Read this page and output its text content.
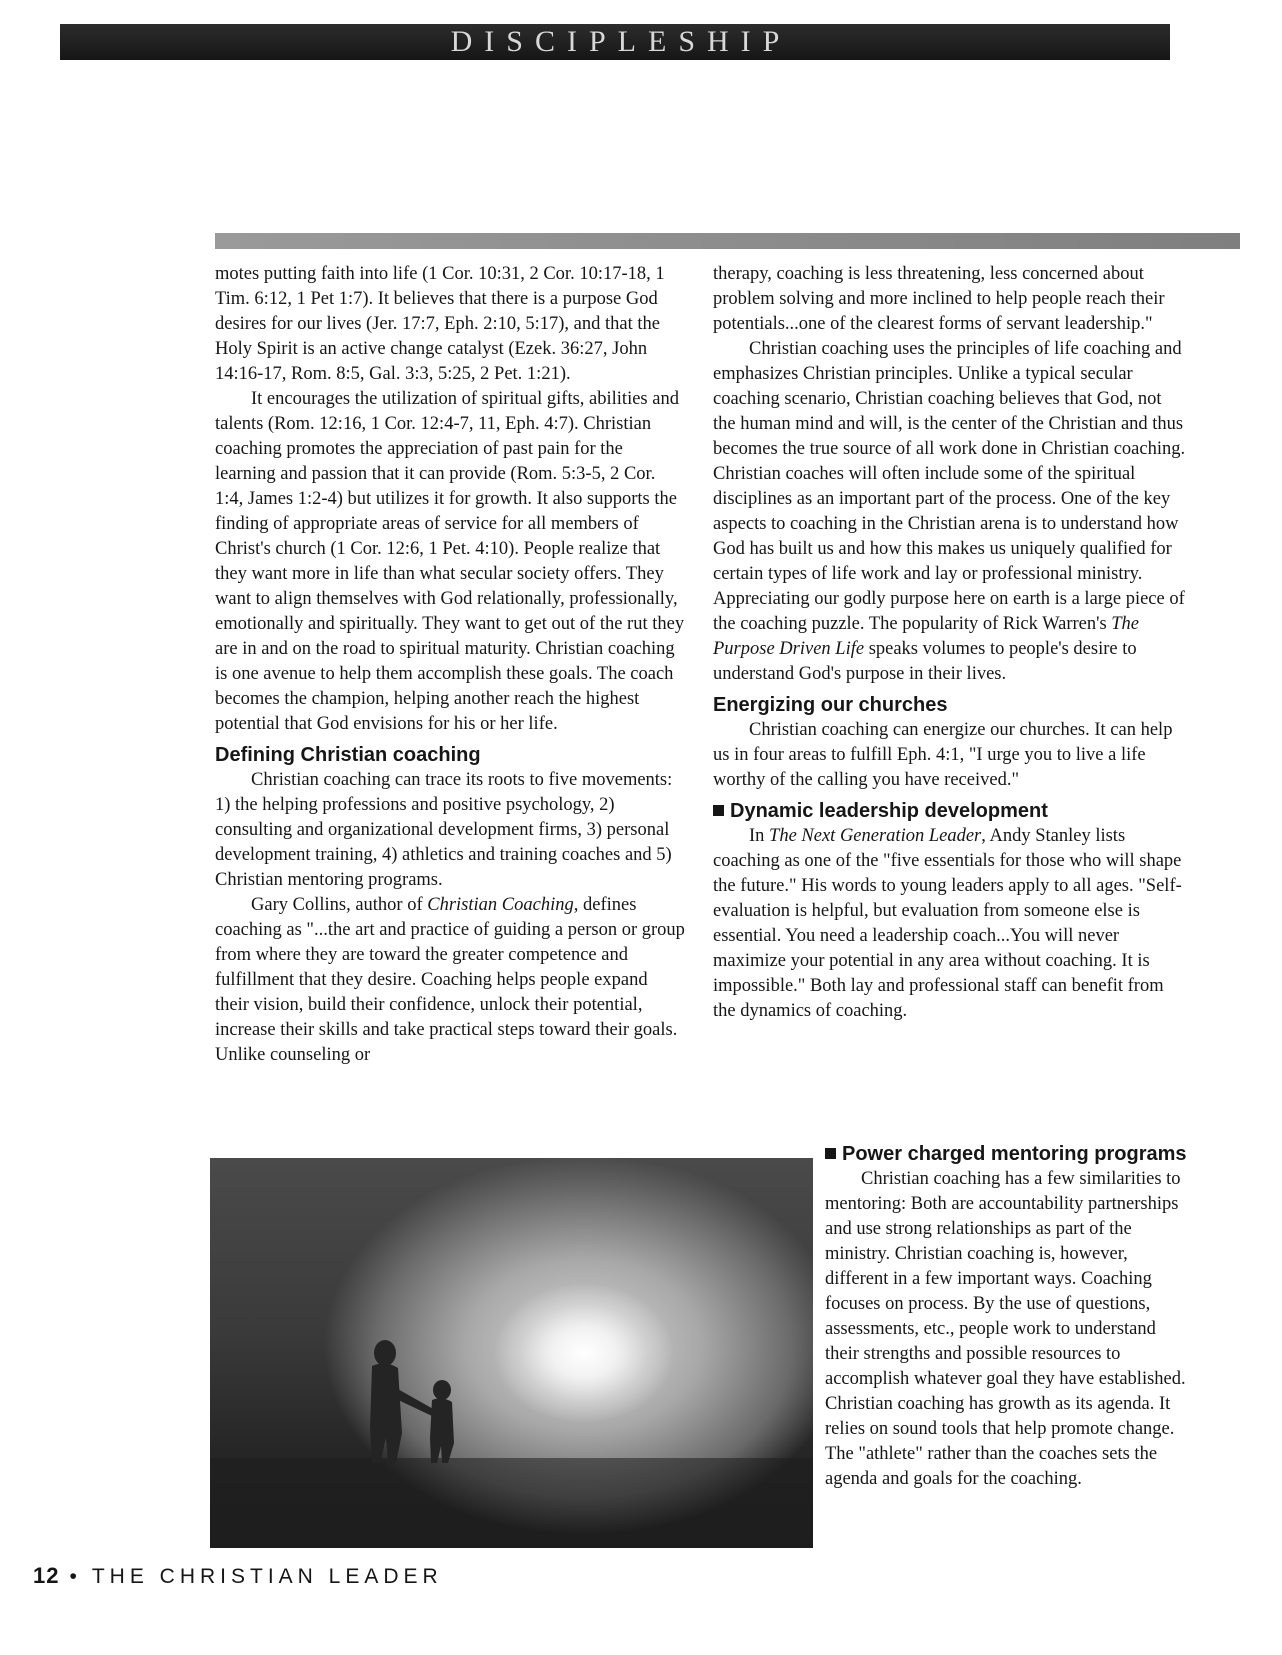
DISCIPLESHIP

motes putting faith into life (1 Cor. 10:31, 2 Cor. 10:17-18, 1 Tim. 6:12, 1 Pet 1:7). It believes that there is a purpose God desires for our lives (Jer. 17:7, Eph. 2:10, 5:17), and that the Holy Spirit is an active change catalyst (Ezek. 36:27, John 14:16-17, Rom. 8:5, Gal. 3:3, 5:25, 2 Pet. 1:21).

It encourages the utilization of spiritual gifts, abilities and talents (Rom. 12:16, 1 Cor. 12:4-7, 11, Eph. 4:7). Christian coaching promotes the appreciation of past pain for the learning and passion that it can provide (Rom. 5:3-5, 2 Cor. 1:4, James 1:2-4) but utilizes it for growth. It also supports the finding of appropriate areas of service for all members of Christ's church (1 Cor. 12:6, 1 Pet. 4:10). People realize that they want more in life than what secular society offers. They want to align themselves with God relationally, professionally, emotionally and spiritually. They want to get out of the rut they are in and on the road to spiritual maturity. Christian coaching is one avenue to help them accomplish these goals. The coach becomes the champion, helping another reach the highest potential that God envisions for his or her life.

Defining Christian coaching

Christian coaching can trace its roots to five movements: 1) the helping professions and positive psychology, 2) consulting and organizational development firms, 3) personal development training, 4) athletics and training coaches and 5) Christian mentoring programs.

Gary Collins, author of Christian Coaching, defines coaching as "...the art and practice of guiding a person or group from where they are toward the greater competence and fulfillment that they desire. Coaching helps people expand their vision, build their confidence, unlock their potential, increase their skills and take practical steps toward their goals. Unlike counseling or

therapy, coaching is less threatening, less concerned about problem solving and more inclined to help people reach their potentials...one of the clearest forms of servant leadership."

Christian coaching uses the principles of life coaching and emphasizes Christian principles. Unlike a typical secular coaching scenario, Christian coaching believes that God, not the human mind and will, is the center of the Christian and thus becomes the true source of all work done in Christian coaching. Christian coaches will often include some of the spiritual disciplines as an important part of the process. One of the key aspects to coaching in the Christian arena is to understand how God has built us and how this makes us uniquely qualified for certain types of life work and lay or professional ministry. Appreciating our godly purpose here on earth is a large piece of the coaching puzzle. The popularity of Rick Warren's The Purpose Driven Life speaks volumes to people's desire to understand God's purpose in their lives.

Energizing our churches

Christian coaching can energize our churches. It can help us in four areas to fulfill Eph. 4:1, "I urge you to live a life worthy of the calling you have received."

Dynamic leadership development

In The Next Generation Leader, Andy Stanley lists coaching as one of the "five essentials for those who will shape the future." His words to young leaders apply to all ages. "Self-evaluation is helpful, but evaluation from someone else is essential. You need a leadership coach...You will never maximize your potential in any area without coaching. It is impossible." Both lay and professional staff can benefit from the dynamics of coaching.

Power charged mentoring programs

Christian coaching has a few similarities to mentoring: Both are accountability partnerships and use strong relationships as part of the ministry. Christian coaching is, however, different in a few important ways. Coaching focuses on process. By the use of questions, assessments, etc., people work to understand their strengths and possible resources to accomplish whatever goal they have established. Christian coaching has growth as its agenda. It relies on sound tools that help promote change. The "athlete" rather than the coaches sets the agenda and goals for the coaching.

12 • THE CHRISTIAN LEADER
